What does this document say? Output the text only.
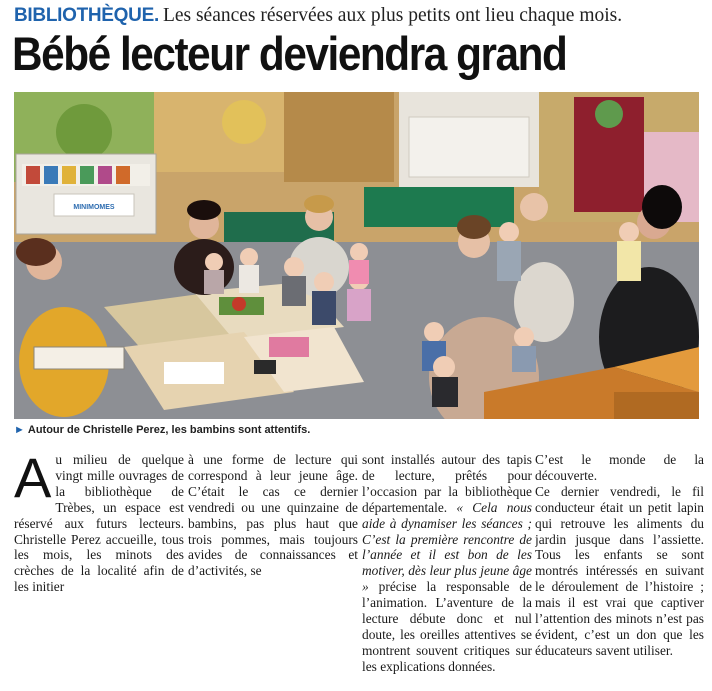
BIBLIOTHÈQUE. Les séances réservées aux plus petits ont lieu chaque mois.
Bébé lecteur deviendra grand
MINIMOMES
► Autour de Christelle Perez, les bambins sont attentifs.

Au milieu de quelque vingt mille ouvrages de la bibliothèque de Trèbes, un espace est réservé aux futurs lecteurs. Christelle Perez accueille, tous les mois, les minots des crèches de la localité afin de les initier

à une forme de lecture qui correspond à leur jeune âge. C’était le cas ce dernier vendredi ou une quinzaine de bambins, pas plus haut que trois pommes, mais toujours avides de connaissances et d’activités, se

sont installés autour des tapis de lecture, prêtés pour l’occasion par la bibliothèque départementale. « Cela nous aide à dynamiser les séances ; C’est la première rencontre de l’année et il est bon de les motiver, dès leur plus jeune âge » précise la responsable de l’animation. L’aventure de la lecture débute donc et nul doute, les oreilles attentives se montrent souvent critiques sur les explications données.

C’est le monde de la découverte.

Ce dernier vendredi, le fil conducteur était un petit lapin qui retrouve les aliments du jardin jusque dans l’assiette. Tous les enfants se sont montrés intéressés en suivant le déroulement de l’histoire ; mais il est vrai que captiver l’attention des minots n’est pas évident, c’est un don que les éducateurs savent utiliser.
